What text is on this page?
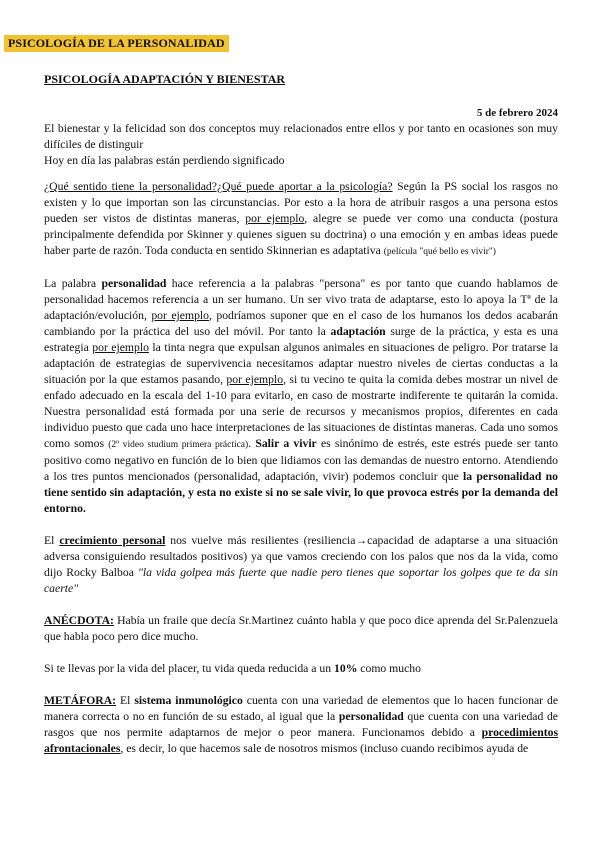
PSICOLOGÍA DE LA PERSONALIDAD
PSICOLOGÍA ADAPTACIÓN Y BIENESTAR

5 de febrero 2024

El bienestar y la felicidad son dos conceptos muy relacionados entre ellos y por tanto en ocasiones son muy difíciles de distinguir

Hoy en día las palabras están perdiendo significado

¿Qué sentido tiene la personalidad?¿Qué puede aportar a la psicología? Según la PS social los rasgos no existen y lo que importan son las circunstancias. Por esto a la hora de atribuir rasgos a una persona estos pueden ser vistos de distintas maneras, por ejemplo, alegre se puede ver como una conducta (postura principalmente defendida por Skinner y quienes siguen su doctrina) o una emoción y en ambas ideas puede haber parte de razón. Toda conducta en sentido Skinnerian es adaptativa (película "qué bello es vivir")

La palabra personalidad hace referencia a la palabras "persona" es por tanto que cuando hablamos de personalidad hacemos referencia a un ser humano. Un ser vivo trata de adaptarse, esto lo apoya la Tª de la adaptación/evolución, por ejemplo, podríamos suponer que en el caso de los humanos los dedos acabarán cambiando por la práctica del uso del móvil. Por tanto la adaptación surge de la práctica, y esta es una estrategia por ejemplo la tinta negra que expulsan algunos animales en situaciones de peligro. Por tratarse la adaptación de estrategias de supervivencia necesitamos adaptar nuestro niveles de ciertas conductas a la situación por la que estamos pasando, por ejemplo, si tu vecino te quita la comida debes mostrar un nivel de enfado adecuado en la escala del 1-10 para evitarlo, en caso de mostrarte indiferente te quitarán la comida. Nuestra personalidad está formada por una serie de recursos y mecanismos propios, diferentes en cada individuo puesto que cada uno hace interpretaciones de las situaciones de distintas maneras. Cada uno somos como somos (2º video studium primera práctica). Salir a vivir es sinónimo de estrés, este estrés puede ser tanto positivo como negativo en función de lo bien que lidiamos con las demandas de nuestro entorno. Atendiendo a los tres puntos mencionados (personalidad, adaptación, vivir) podemos concluir que la personalidad no tiene sentido sin adaptación, y esta no existe si no se sale vivir, lo que provoca estrés por la demanda del entorno.

El crecimiento personal nos vuelve más resilientes (resiliencia→capacidad de adaptarse a una situación adversa consiguiendo resultados positivos) ya que vamos creciendo con los palos que nos da la vida, como dijo Rocky Balboa "la vida golpea más fuerte que nadie pero tienes que soportar los golpes que te da sin caerte"

ANÉCDOTA: Había un fraile que decía Sr.Martinez cuánto habla y que poco dice aprenda del Sr.Palenzuela que habla poco pero dice mucho.

Si te llevas por la vida del placer, tu vida queda reducida a un 10% como mucho

METÁFORA: El sistema inmunológico cuenta con una variedad de elementos que lo hacen funcionar de manera correcta o no en función de su estado, al igual que la personalidad que cuenta con una variedad de rasgos que nos permite adaptarnos de mejor o peor manera. Funcionamos debido a procedimientos afrontacionales, es decir, lo que hacemos sale de nosotros mismos (incluso cuando recibimos ayuda de
